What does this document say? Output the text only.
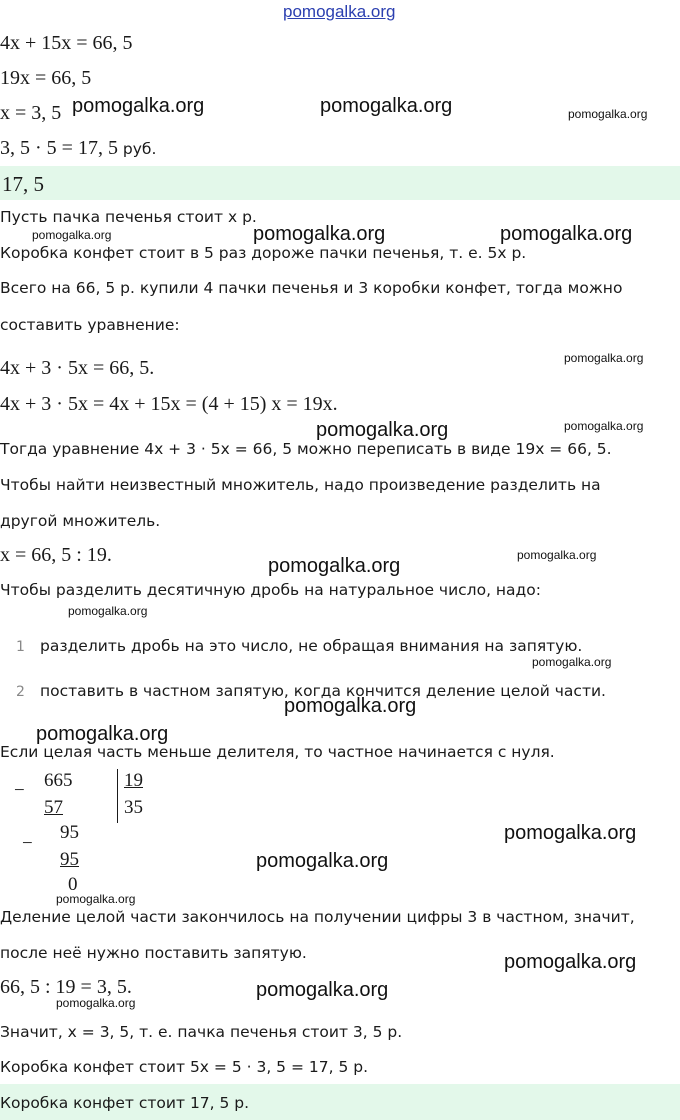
pomogalka.org
4x + 15x = 66, 5
19x = 66, 5
x = 3, 5
3, 5 · 5 = 17, 5 руб.
17, 5
Пусть пачка печенья стоит x р.
Коробка конфет стоит в 5 раз дороже пачки печенья, т. е. 5x р.
Всего на 66, 5 р. купили 4 пачки печенья и 3 коробки конфет, тогда можно
составить уравнение:
4x + 3 · 5x = 66, 5.
4x + 3 · 5x = 4x + 15x = (4 + 15) x = 19x.
Тогда уравнение 4x + 3 · 5x = 66, 5 можно переписать в виде 19x = 66, 5.
Чтобы найти неизвестный множитель, надо произведение разделить на
другой множитель.
x = 66, 5 : 19.
Чтобы разделить десятичную дробь на натуральное число, надо:
1 разделить дробь на это число, не обращая внимания на запятую.
2 поставить в частном запятую, когда кончится деление целой части.
Если целая часть меньше делителя, то частное начинается с нуля.
− 665
57
19
35
−
95
95
0
Деление целой части закончилось на получении цифры 3 в частном, значит,
после неё нужно поставить запятую.
66, 5 : 19 = 3, 5.
Значит, x = 3, 5, т. е. пачка печенья стоит 3, 5 р.
Коробка конфет стоит 5x = 5 · 3, 5 = 17, 5 р.
Коробка конфет стоит 17, 5 р.
pomogalka.org	pomogalka.org	pomogalka.org
pomogalka.org	pomogalka.org	pomogalka.org
pomogalka.org
pomogalka.org
pomogalka.org
pomogalka.org	pomogalka.org
pomogalka.org
pomogalka.org
pomogalka.org
pomogalka.org
pomogalka.org
pomogalka.org
pomogalka.org
pomogalka.org
pomogalka.org
pomogalka.org
